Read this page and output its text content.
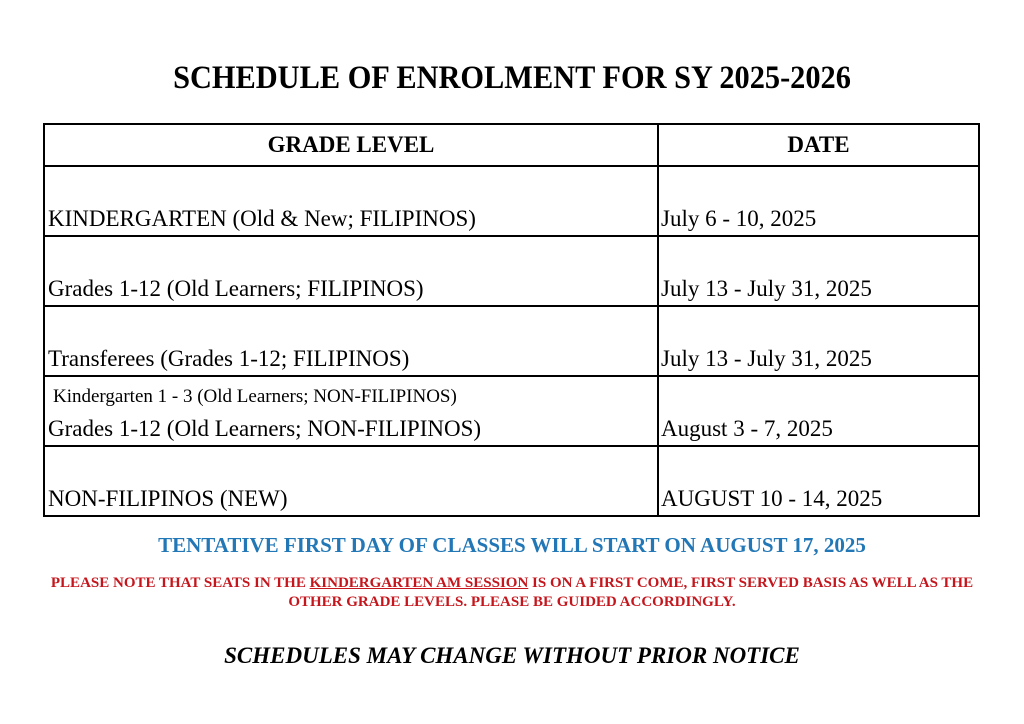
SCHEDULE OF ENROLMENT FOR SY 2025-2026
GRADE LEVEL	DATE

KINDERGARTEN (Old & New; FILIPINOS)	July 6 - 10, 2025

Grades 1-12 (Old Learners; FILIPINOS)	July 13 - July 31, 2025

Transferees (Grades 1-12; FILIPINOS)	July 13 - July 31, 2025

Kindergarten 1 - 3 (Old Learners; NON-FILIPINOS)
Grades 1-12 (Old Learners; NON-FILIPINOS)	August 3 - 7, 2025

NON-FILIPINOS (NEW)	AUGUST 10 - 14, 2025
TENTATIVE FIRST DAY OF CLASSES WILL START ON AUGUST 17, 2025
PLEASE NOTE THAT SEATS IN THE KINDERGARTEN AM SESSION IS ON A FIRST COME, FIRST SERVED BASIS AS WELL AS THE OTHER GRADE LEVELS. PLEASE BE GUIDED ACCORDINGLY.
SCHEDULES MAY CHANGE WITHOUT PRIOR NOTICE
